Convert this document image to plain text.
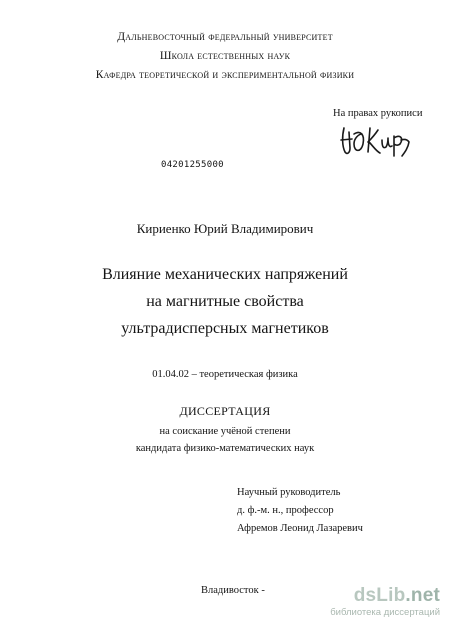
Дальневосточный федеральный университет
Школа естественных наук
Кафедра теоретической и экспериментальной физики
На правах рукописи
04201255000
Кириенко Юрий Владимирович
Влияние механических напряжений
на магнитные свойства
ультрадисперсных магнетиков
01.04.02 – теоретическая физика
ДИССЕРТАЦИЯ
на соискание учёной степени
кандидата физико-математических наук
Научный руководитель
д. ф.-м. н., профессор
Афремов Леонид Лазаревич
Владивосток -	dsLib.net
библиотека диссертаций
